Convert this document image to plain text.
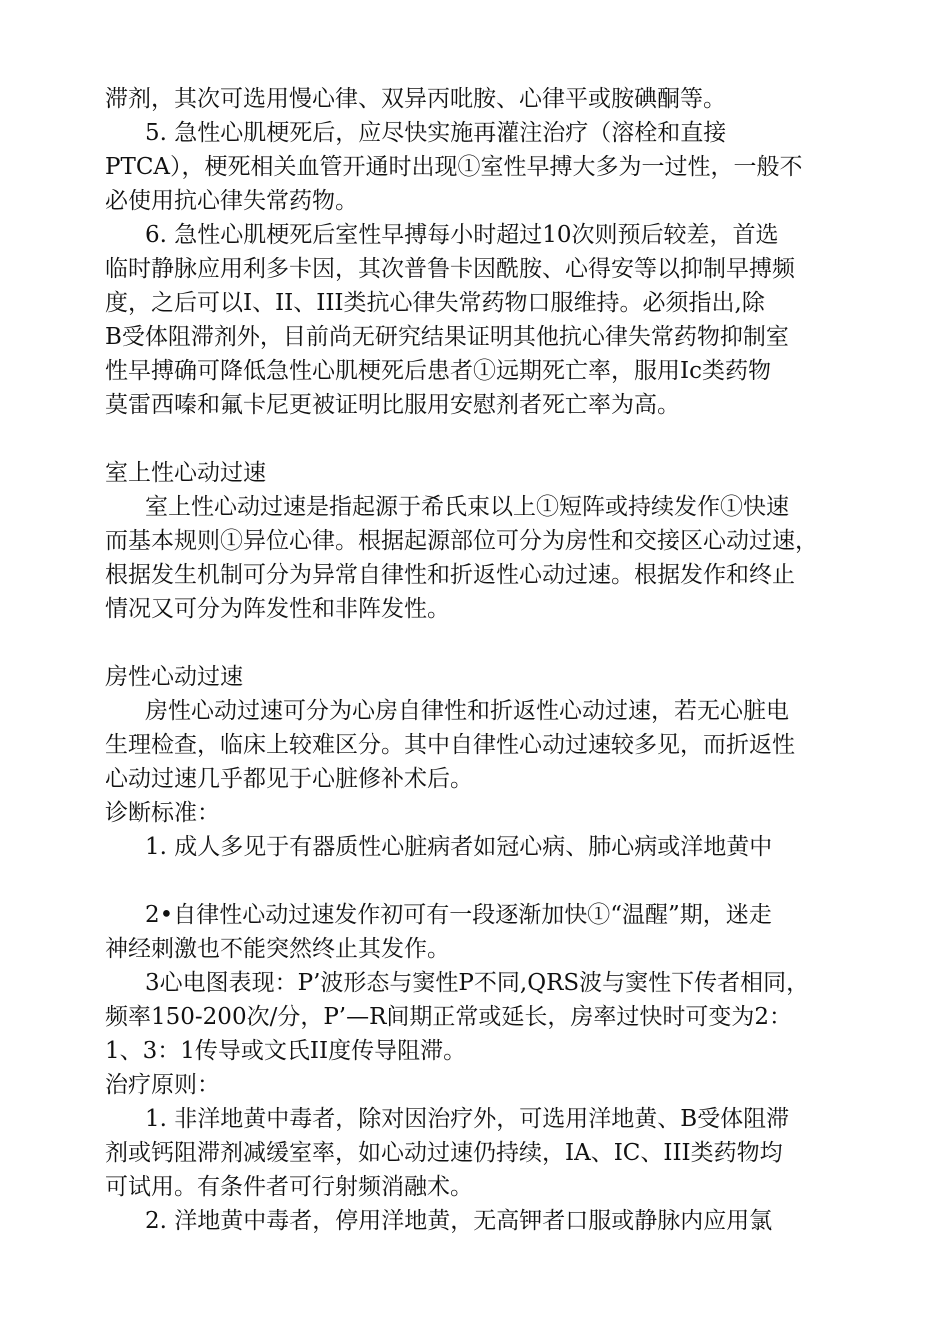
滞剂，其次可选用慢心律、双异丙吡胺、心律平或胺碘酮等。

5. 急性心肌梗死后，应尽快实施再灌注治疗（溶栓和直接
PTCA），梗死相关血管开通时出现①室性早搏大多为一过性，一般不
必使用抗心律失常药物。

6. 急性心肌梗死后室性早搏每小时超过10次则预后较差，首选
临时静脉应用利多卡因，其次普鲁卡因酰胺、心得安等以抑制早搏频
度，之后可以I、II、III类抗心律失常药物口服维持。必须指出,除
B受体阻滞剂外，目前尚无研究结果证明其他抗心律失常药物抑制室
性早搏确可降低急性心肌梗死后患者①远期死亡率，服用Ic类药物
莫雷西嗪和氟卡尼更被证明比服用安慰剂者死亡率为高。

室上性心动过速

室上性心动过速是指起源于希氏束以上①短阵或持续发作①快速
而基本规则①异位心律。根据起源部位可分为房性和交接区心动过速，
根据发生机制可分为异常自律性和折返性心动过速。根据发作和终止
情况又可分为阵发性和非阵发性。

房性心动过速

房性心动过速可分为心房自律性和折返性心动过速，若无心脏电
生理检查，临床上较难区分。其中自律性心动过速较多见，而折返性
心动过速几乎都见于心脏修补术后。

诊断标准：

1. 成人多见于有器质性心脏病者如冠心病、肺心病或洋地黄中

2•自律性心动过速发作初可有一段逐渐加快①“温醒”期，迷走
神经刺激也不能突然终止其发作。

3心电图表现：P’波形态与窦性P不同,QRS波与窦性下传者相同，
频率150-200次/分，P’—R间期正常或延长，房率过快时可变为2：
1、3：1传导或文氏II度传导阻滞。

治疗原则：

1. 非洋地黄中毒者，除对因治疗外，可选用洋地黄、B受体阻滞
剂或钙阻滞剂减缓室率，如心动过速仍持续，IA、IC、III类药物均
可试用。有条件者可行射频消融术。

2. 洋地黄中毒者，停用洋地黄，无高钾者口服或静脉内应用氯
